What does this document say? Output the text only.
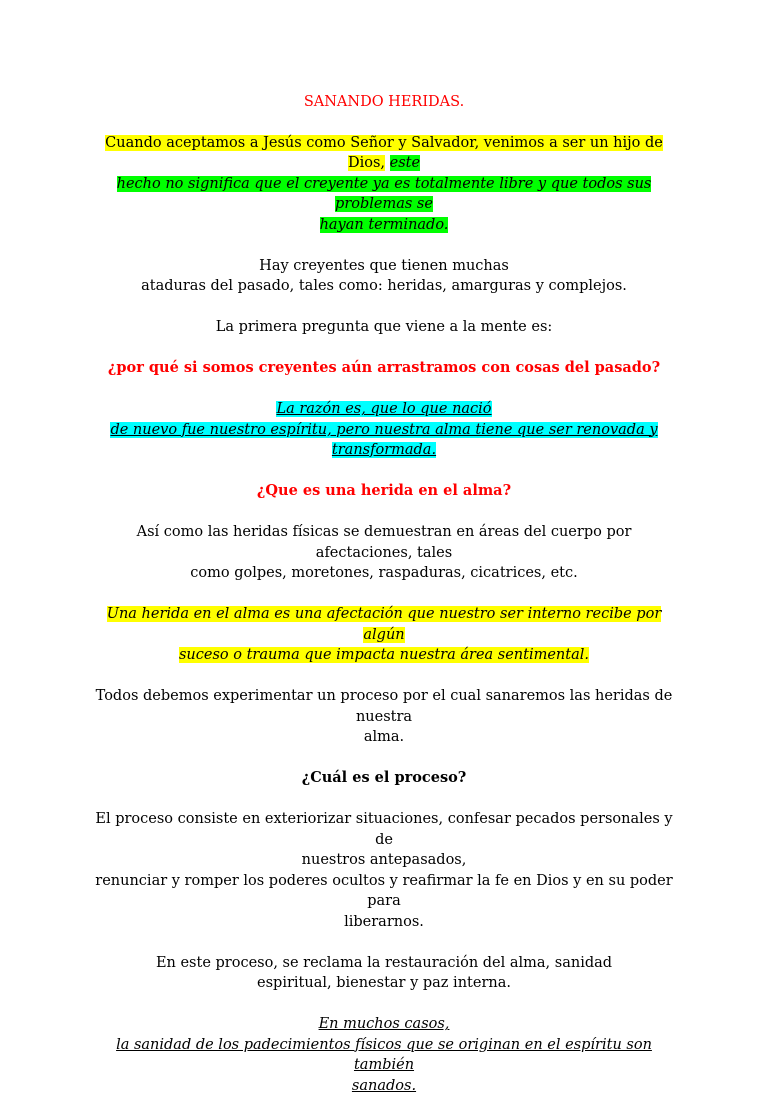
SANANDO HERIDAS.
Cuando aceptamos a Jesús como Señor y Salvador, venimos a ser un hijo de Dios, este
hecho no significa que el creyente ya es totalmente libre y que todos sus problemas se
hayan terminado.
Hay creyentes que tienen muchas
ataduras del pasado, tales como: heridas, amarguras y complejos.
La primera pregunta que viene a la mente es:
¿por qué si somos creyentes aún arrastramos con cosas del pasado?
La razón es, que lo que nació
de nuevo fue nuestro espíritu, pero nuestra alma tiene que ser renovada y
transformada.
¿Que es una herida en el alma?
Así como las heridas físicas se demuestran en áreas del cuerpo por afectaciones, tales
como golpes, moretones, raspaduras, cicatrices, etc.
Una herida en el alma es una afectación que nuestro ser interno recibe por algún
suceso o trauma que impacta nuestra área sentimental.
Todos debemos experimentar un proceso por el cual sanaremos las heridas de nuestra
alma.
¿Cuál es el proceso?
El proceso consiste en exteriorizar situaciones, confesar pecados personales y de
nuestros antepasados,
renunciar y romper los poderes ocultos y reafirmar la fe en Dios y en su poder para
liberarnos.
En este proceso, se reclama la restauración del alma, sanidad
espiritual, bienestar y paz interna.
En muchos casos,
la sanidad de los padecimientos físicos que se originan en el espíritu son también
sanados.
